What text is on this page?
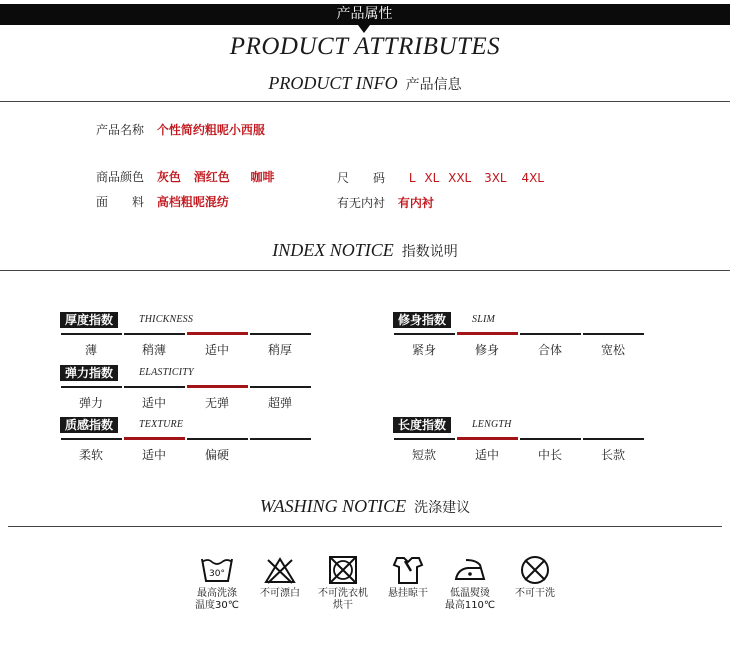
产品属性
PRODUCT ATTRIBUTES
PRODUCT INFO 产品信息
产品名称 个性简约粗呢小西服
商品颜色 灰色 酒红色 咖啡
面　　料 高档粗呢混纺
尺　　码 L XL XXL 3XL 4XL
有无内衬 有内衬
INDEX NOTICE 指数说明
厚度指数	THICKNESS
薄	稍薄	适中	稍厚
弹力指数	ELASTICITY
弹力	适中	无弹	超弹
质感指数	TEXTURE
柔软	适中	偏硬
修身指数	SLIM
紧身	修身	合体	宽松
长度指数	LENGTH
短款	适中	中长	长款
WASHING NOTICE 洗涤建议
30°
最高洗涤
温度30℃
不可漂白	不可洗衣机
烘干
悬挂晾干	低温熨烫
最高110℃
不可干洗
